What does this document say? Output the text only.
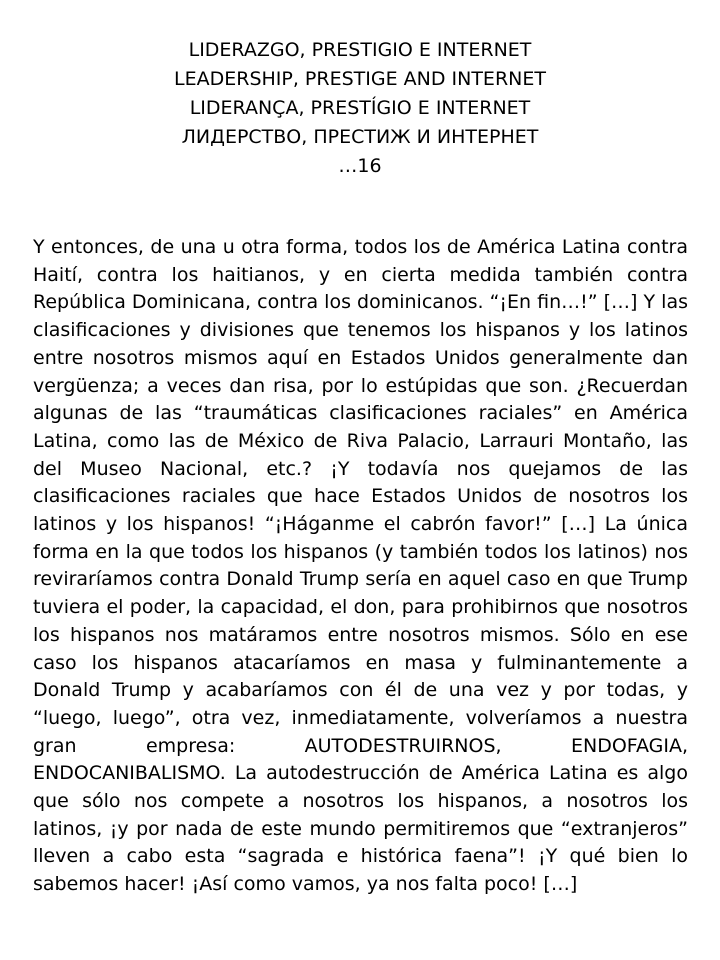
LIDERAZGO, PRESTIGIO E INTERNET
LEADERSHIP, PRESTIGE AND INTERNET
LIDERANÇA, PRESTÍGIO E INTERNET
ЛИДЕРСТВО, ПРЕСТИЖ И ИНТЕРНЕТ
…16

Y entonces, de una u otra forma, todos los de América Latina contra Haití, contra los haitianos, y en cierta medida también contra República Dominicana, contra los dominicanos. “¡En fin…!” […] Y las clasificaciones y divisiones que tenemos los hispanos y los latinos entre nosotros mismos aquí en Estados Unidos generalmente dan vergüenza; a veces dan risa, por lo estúpidas que son. ¿Recuerdan algunas de las “traumáticas clasificaciones raciales” en América Latina, como las de México de Riva Palacio, Larrauri Montaño, las del Museo Nacional, etc.? ¡Y todavía nos quejamos de las clasificaciones raciales que hace Estados Unidos de nosotros los latinos y los hispanos! “¡Háganme el cabrón favor!” […] La única forma en la que todos los hispanos (y también todos los latinos) nos reviraríamos contra Donald Trump sería en aquel caso en que Trump tuviera el poder, la capacidad, el don, para prohibirnos que nosotros los hispanos nos matáramos entre nosotros mismos. Sólo en ese caso los hispanos atacaríamos en masa y fulminantemente a Donald Trump y acabaríamos con él de una vez y por todas, y “luego, luego”, otra vez, inmediatamente, volveríamos a nuestra gran empresa: AUTODESTRUIRNOS, ENDOFAGIA, ENDOCANIBALISMO. La autodestrucción de América Latina es algo que sólo nos compete a nosotros los hispanos, a nosotros los latinos, ¡y por nada de este mundo permitiremos que “extranjeros” lleven a cabo esta “sagrada e histórica faena”! ¡Y qué bien lo sabemos hacer! ¡Así como vamos, ya nos falta poco! […]
